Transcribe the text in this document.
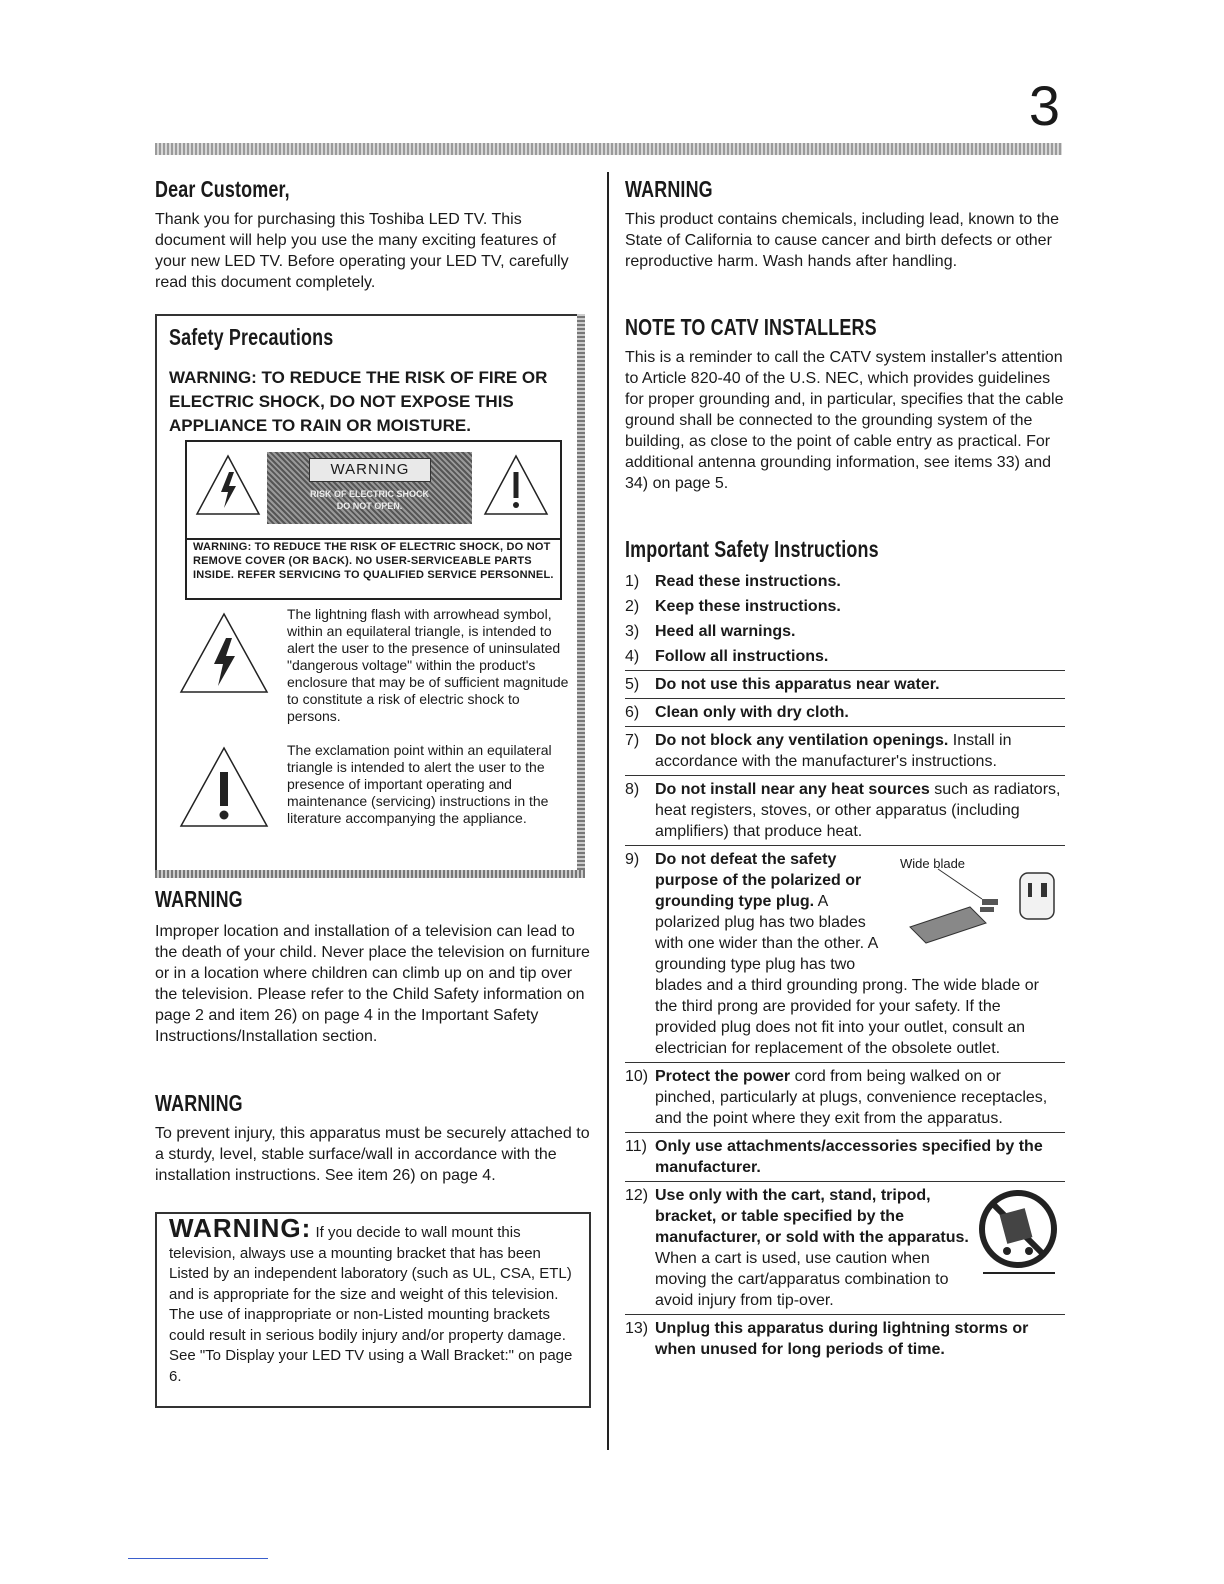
3
Dear Customer,

Thank you for purchasing this Toshiba LED TV. This document will help you use the many exciting features of your new LED TV. Before operating your LED TV, carefully read this document completely.

Safety Precautions
WARNING: TO REDUCE THE RISK OF FIRE OR ELECTRIC SHOCK, DO NOT EXPOSE THIS APPLIANCE TO RAIN OR MOISTURE.
WARNING
RISK OF ELECTRIC SHOCK
DO NOT OPEN.
WARNING: TO REDUCE THE RISK OF ELECTRIC SHOCK, DO NOT REMOVE COVER (OR BACK). NO USER-SERVICEABLE PARTS INSIDE. REFER SERVICING TO QUALIFIED SERVICE PERSONNEL.
The lightning flash with arrowhead symbol, within an equilateral triangle, is intended to alert the user to the presence of uninsulated "dangerous voltage" within the product's enclosure that may be of sufficient magnitude to constitute a risk of electric shock to persons.
The exclamation point within an equilateral triangle is intended to alert the user to the presence of important operating and maintenance (servicing) instructions in the literature accompanying the appliance.
WARNING

Improper location and installation of a television can lead to the death of your child. Never place the television on furniture or in a location where children can climb up on and tip over the television. Please refer to the Child Safety information on page 2 and item 26) on page 4 in the Important Safety Instructions/Installation section.

WARNING

To prevent injury, this apparatus must be securely attached to a sturdy, level, stable surface/wall in accordance with the installation instructions. See item 26) on page 4.

WARNING: If you decide to wall mount this television, always use a mounting bracket that has been Listed by an independent laboratory (such as UL, CSA, ETL) and is appropriate for the size and weight of this television. The use of inappropriate or non-Listed mounting brackets could result in serious bodily injury and/or property damage. See "To Display your LED TV using a Wall Bracket:" on page 6.
WARNING

This product contains chemicals, including lead, known to the State of California to cause cancer and birth defects or other reproductive harm. Wash hands after handling.

NOTE TO CATV INSTALLERS

This is a reminder to call the CATV system installer's attention to Article 820-40 of the U.S. NEC, which provides guidelines for proper grounding and, in particular, specifies that the cable ground shall be connected to the grounding system of the building, as close to the point of cable entry as practical. For additional antenna grounding information, see items 33) and 34) on page 5.

Important Safety Instructions
1) Read these instructions.
2) Keep these instructions.
3) Heed all warnings.
4) Follow all instructions.
5) Do not use this apparatus near water.
6) Clean only with dry cloth.
7) Do not block any ventilation openings. Install in accordance with the manufacturer's instructions.
8) Do not install near any heat sources such as radiators, heat registers, stoves, or other apparatus (including amplifiers) that produce heat.
9)	Wide blade
Do not defeat the safety purpose of the polarized or grounding type plug. A polarized plug has two blades with one wider than the other. A grounding type plug has two blades and a third grounding prong. The wide blade or the third prong are provided for your safety. If the provided plug does not fit into your outlet, consult an electrician for replacement of the obsolete outlet.
10) Protect the power cord from being walked on or pinched, particularly at plugs, convenience receptacles, and the point where they exit from the apparatus.
11) Only use attachments/accessories specified by the manufacturer.
12) Use only with the cart, stand, tripod, bracket, or table specified by the manufacturer, or sold with the apparatus. When a cart is used, use caution when moving the cart/apparatus combination to avoid injury from tip-over.
13) Unplug this apparatus during lightning storms or when unused for long periods of time.
